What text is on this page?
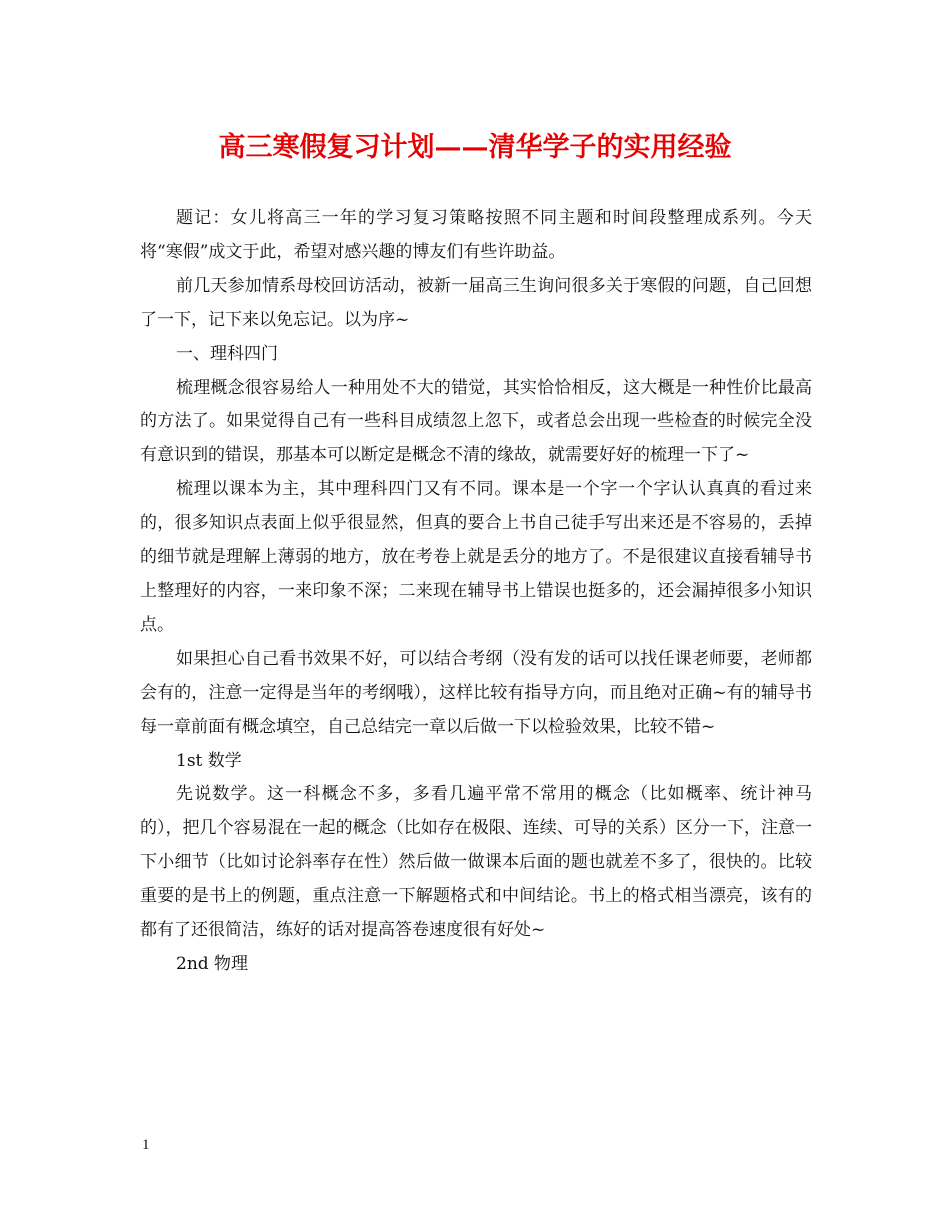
高三寒假复习计划——清华学子的实用经验

题记：女儿将高三一年的学习复习策略按照不同主题和时间段整理成系列。今天将“寒假”成文于此，希望对感兴趣的博友们有些许助益。

前几天参加情系母校回访活动，被新一届高三生询问很多关于寒假的问题，自己回想了一下，记下来以免忘记。以为序~

一、理科四门

梳理概念很容易给人一种用处不大的错觉，其实恰恰相反，这大概是一种性价比最高的方法了。如果觉得自己有一些科目成绩忽上忽下，或者总会出现一些检查的时候完全没有意识到的错误，那基本可以断定是概念不清的缘故，就需要好好的梳理一下了~

梳理以课本为主，其中理科四门又有不同。课本是一个字一个字认认真真的看过来的，很多知识点表面上似乎很显然，但真的要合上书自己徒手写出来还是不容易的，丢掉的细节就是理解上薄弱的地方，放在考卷上就是丢分的地方了。不是很建议直接看辅导书上整理好的内容，一来印象不深；二来现在辅导书上错误也挺多的，还会漏掉很多小知识点。

如果担心自己看书效果不好，可以结合考纲（没有发的话可以找任课老师要，老师都会有的，注意一定得是当年的考纲哦），这样比较有指导方向，而且绝对正确~有的辅导书每一章前面有概念填空，自己总结完一章以后做一下以检验效果，比较不错~

1st 数学

先说数学。这一科概念不多，多看几遍平常不常用的概念（比如概率、统计神马的），把几个容易混在一起的概念（比如存在极限、连续、可导的关系）区分一下，注意一下小细节（比如讨论斜率存在性）然后做一做课本后面的题也就差不多了，很快的。比较重要的是书上的例题，重点注意一下解题格式和中间结论。书上的格式相当漂亮，该有的都有了还很简洁，练好的话对提高答卷速度很有好处~

2nd 物理

1
